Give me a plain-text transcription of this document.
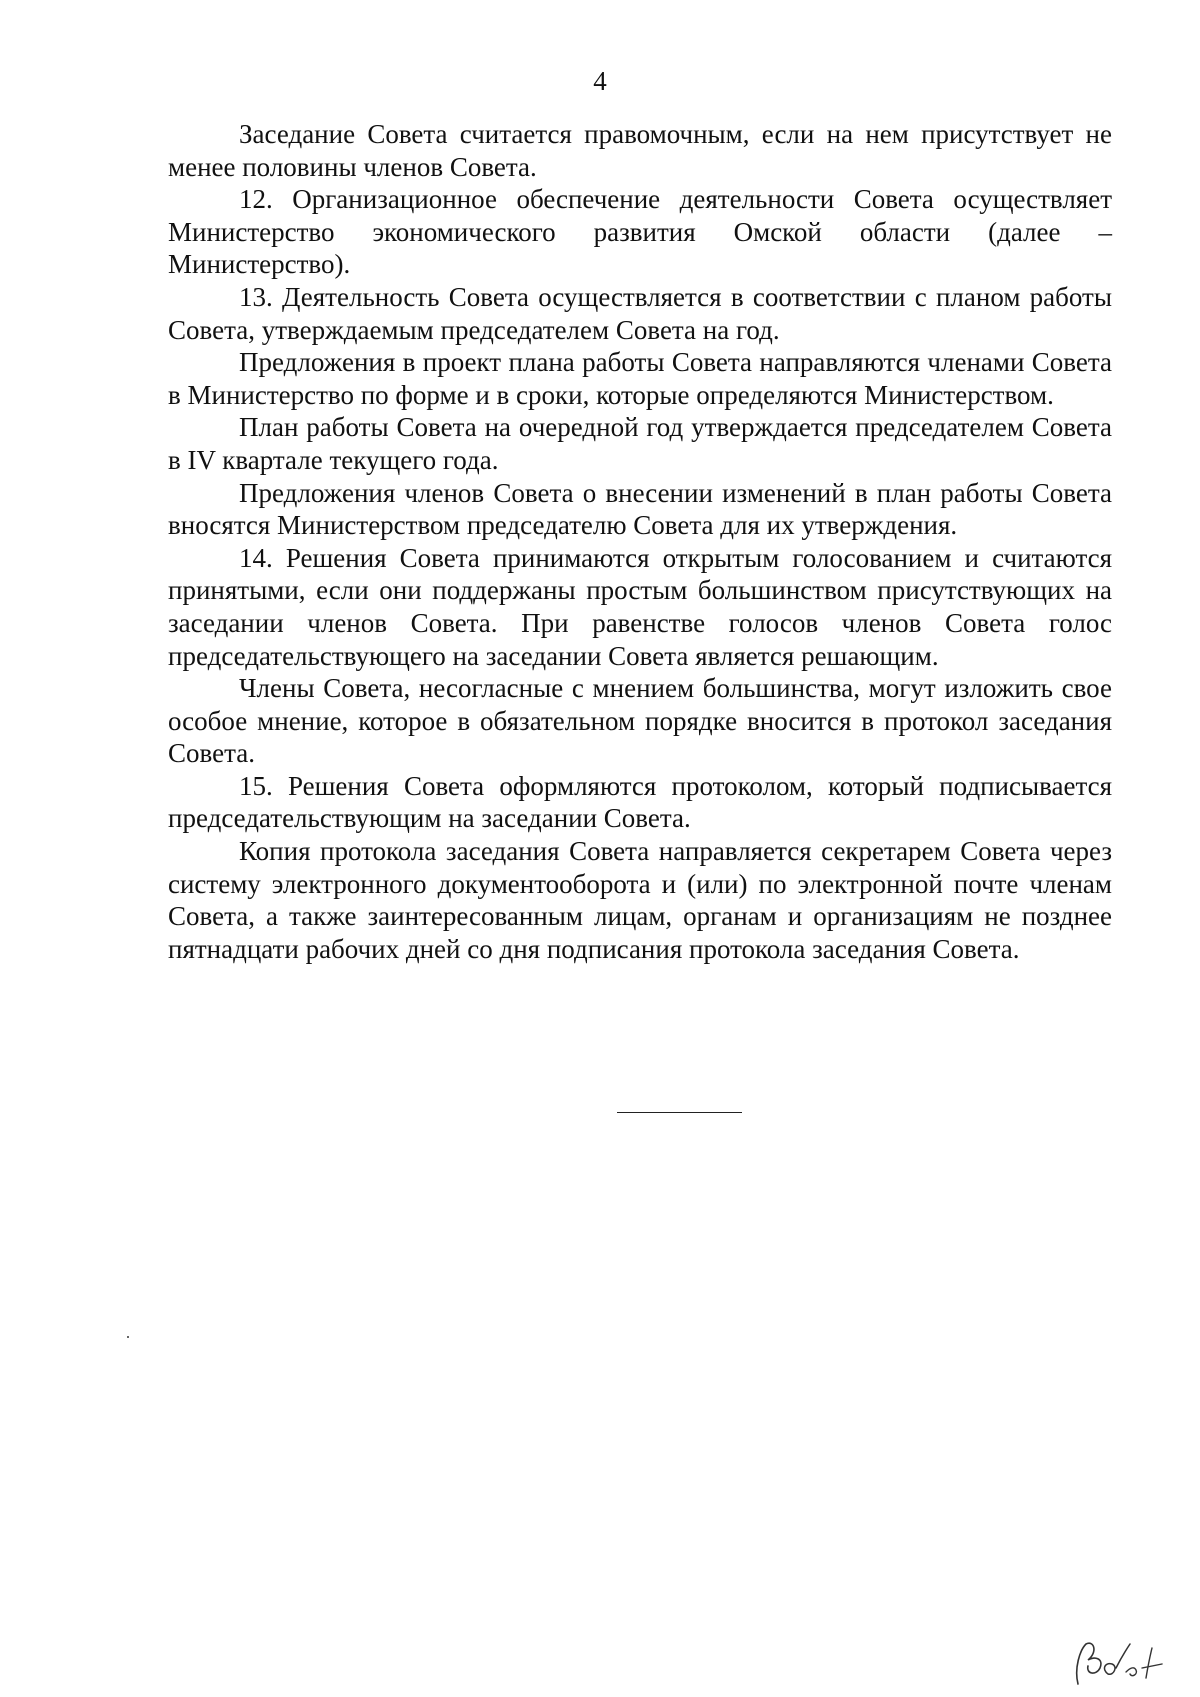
4

Заседание Совета считается правомочным, если на нем присутствует не менее половины членов Совета.

12. Организационное обеспечение деятельности Совета осуществляет Министерство экономического развития Омской области (далее – Министерство).

13. Деятельность Совета осуществляется в соответствии с планом работы Совета, утверждаемым председателем Совета на год.

Предложения в проект плана работы Совета направляются членами Совета в Министерство по форме и в сроки, которые определяются Министерством.

План работы Совета на очередной год утверждается председателем Совета в IV квартале текущего года.

Предложения членов Совета о внесении изменений в план работы Совета вносятся Министерством председателю Совета для их утверждения.

14. Решения Совета принимаются открытым голосованием и считаются принятыми, если они поддержаны простым большинством присутствующих на заседании членов Совета. При равенстве голосов членов Совета голос председательствующего на заседании Совета является решающим.

Члены Совета, несогласные с мнением большинства, могут изложить свое особое мнение, которое в обязательном порядке вносится в протокол заседания Совета.

15. Решения Совета оформляются протоколом, который подписывается председательствующим на заседании Совета.

Копия протокола заседания Совета направляется секретарем Совета через систему электронного документооборота и (или) по электронной почте членам Совета, а также заинтересованным лицам, органам и организациям не позднее пятнадцати рабочих дней со дня подписания протокола заседания Совета.
